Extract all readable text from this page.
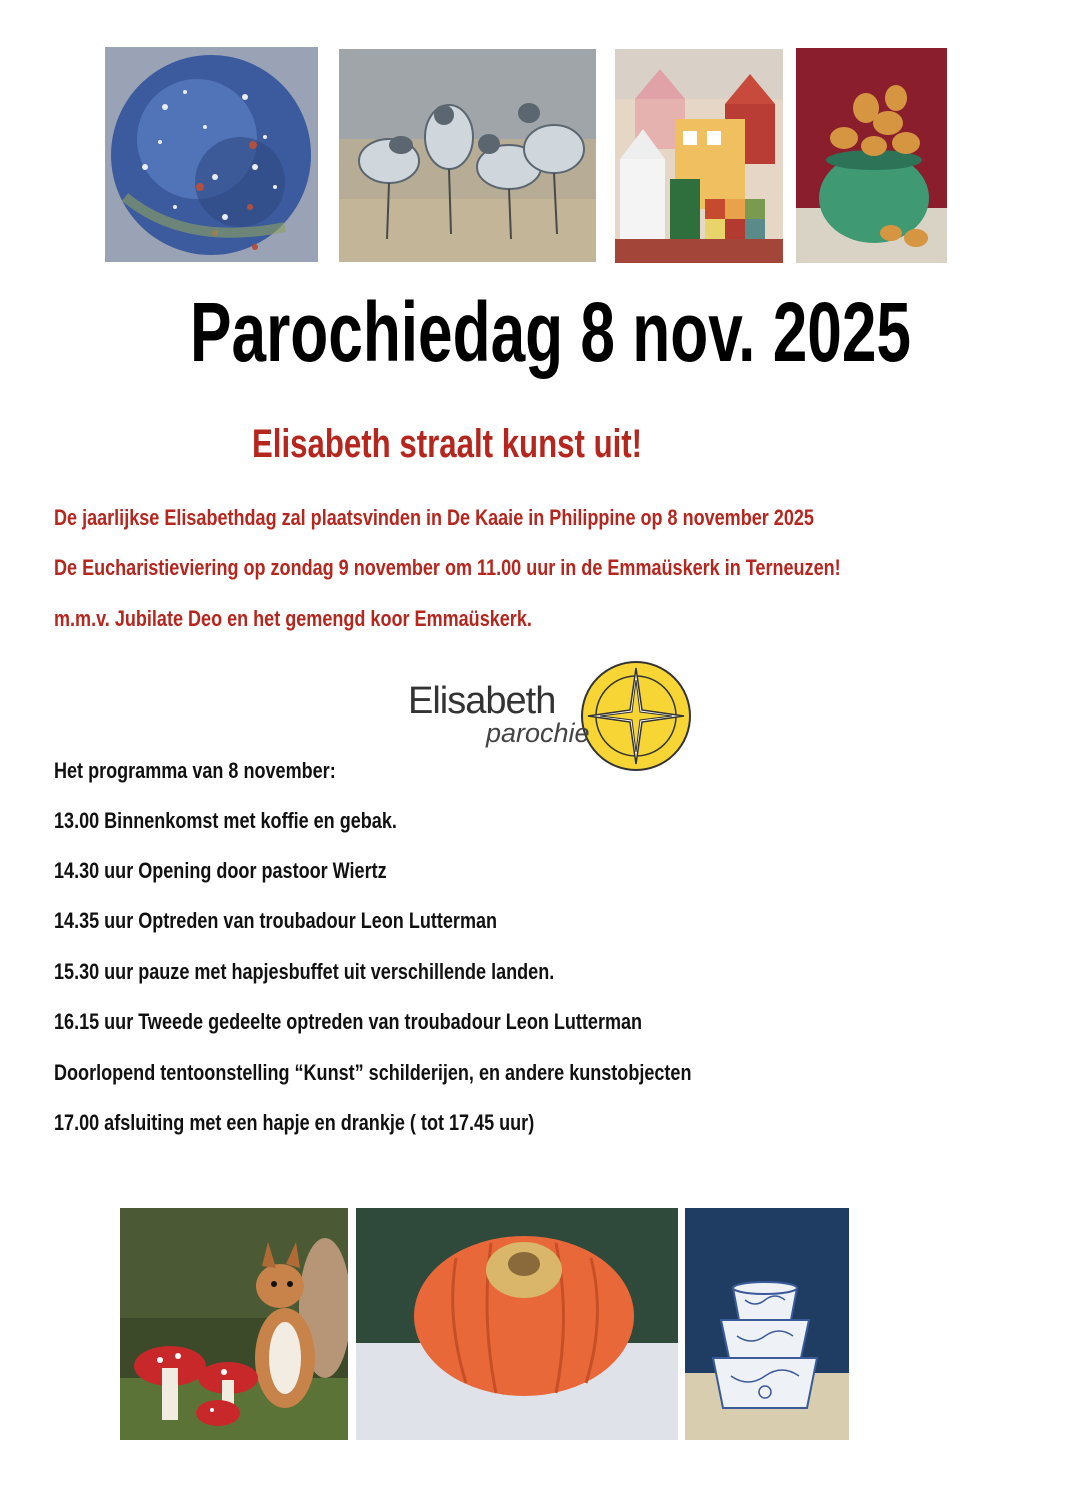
Parochiedag 8 nov. 2025
Elisabeth straalt kunst uit!
De jaarlijkse Elisabethdag zal plaatsvinden in De Kaaie in Philippine op 8 november 2025
De Eucharistieviering op zondag 9 november om 11.00 uur in de Emmaüskerk in Terneuzen!
m.m.v. Jubilate Deo en het gemengd koor Emmaüskerk.
Elisabeth
parochie
Het programma van 8 november:
13.00 Binnenkomst met koffie en gebak.
14.30 uur Opening door pastoor Wiertz
14.35 uur Optreden van troubadour Leon Lutterman
15.30 uur pauze met hapjesbuffet uit verschillende landen.
16.15 uur Tweede gedeelte optreden van troubadour Leon Lutterman
Doorlopend tentoonstelling “Kunst” schilderijen, en andere kunstobjecten
17.00 afsluiting met een hapje en drankje ( tot 17.45 uur)
